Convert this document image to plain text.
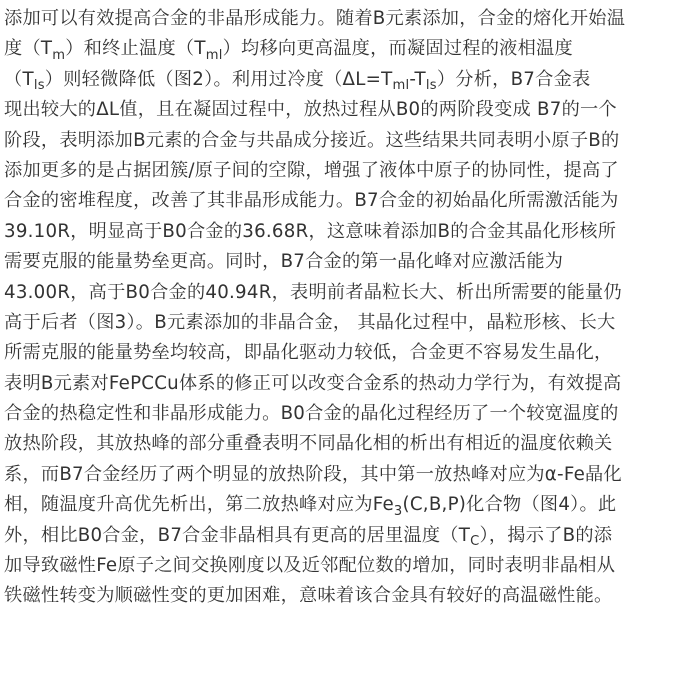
添加可以有效提高合金的非晶形成能力。随着B元素添加，合金的熔化开始温
度$(T_m)$和终止温度$(T_{ml})$均移向更高温度，而凝固过程的液相温度
$(T_{ls})$则轻微降低（图2）。利用过冷度$(\Delta L=T_{ml}-T_{ls})$分析，B7合金表
现出较大的ΔL值，且在凝固过程中，放热过程从B0的两阶段变成 B7的一个
阶段，表明添加B元素的合金与共晶成分接近。这些结果共同表明小原子B的
添加更多的是占据团簇/原子间的空隙，增强了液体中原子的协同性，提高了
合金的密堆程度，改善了其非晶形成能力。B7合金的初始晶化所需激活能为
39.10R，明显高于B0合金的36.68R，这意味着添加B的合金其晶化形核所
需要克服的能量势垒更高。同时，B7合金的第一晶化峰对应激活能为
43.00R，高于B0合金的40.94R，表明前者晶粒长大、析出所需要的能量仍
高于后者（图3）。B元素添加的非晶合金， 其晶化过程中，晶粒形核、长大
所需克服的能量势垒均较高，即晶化驱动力较低，合金更不容易发生晶化，
表明B元素对FePCCu体系的修正可以改变合金系的热动力学行为，有效提高
合金的热稳定性和非晶形成能力。B0合金的晶化过程经历了一个较宽温度的
放热阶段，其放热峰的部分重叠表明不同晶化相的析出有相近的温度依赖关
系，而B7合金经历了两个明显的放热阶段，其中第一放热峰对应为α-Fe晶化
相，随温度升高优先析出，第二放热峰对应为$Fe_3(C,B,P)$化合物（图4）。此
外，相比B0合金，B7合金非晶相具有更高的居里温度$(T_C)$，揭示了B的添
加导致磁性Fe原子之间交换刚度以及近邻配位数的增加，同时表明非晶相从
铁磁性转变为顺磁性变的更加困难，意味着该合金具有较好的高温磁性能。
